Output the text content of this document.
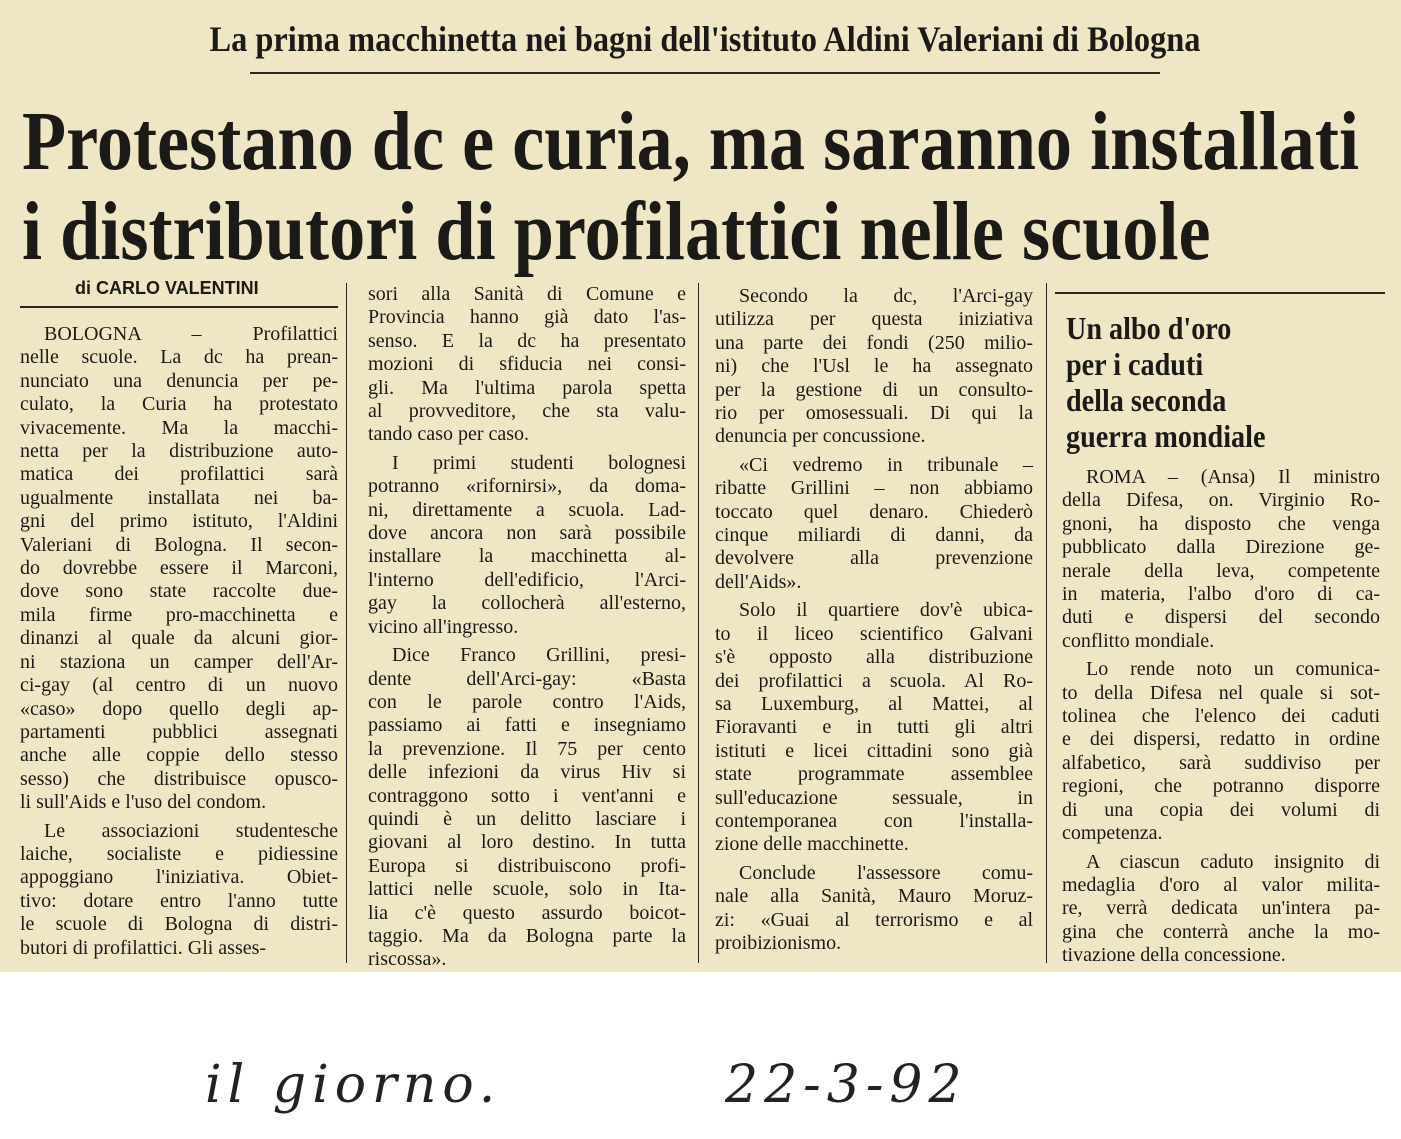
La prima macchinetta nei bagni dell'istituto Aldini Valeriani di Bologna
Protestano dc e curia, ma saranno installati
i distributori di profilattici nelle scuole
di CARLO VALENTINI
BOLOGNA – Profilattici
nelle scuole. La dc ha prean-
nunciato una denuncia per pe-
culato, la Curia ha protestato
vivacemente. Ma la macchi-
netta per la distribuzione auto-
matica dei profilattici sarà
ugualmente installata nei ba-
gni del primo istituto, l'Aldini
Valeriani di Bologna. Il secon-
do dovrebbe essere il Marconi,
dove sono state raccolte due-
mila firme pro-macchinetta e
dinanzi al quale da alcuni gior-
ni staziona un camper dell'Ar-
ci-gay (al centro di un nuovo
«caso» dopo quello degli ap-
partamenti pubblici assegnati
anche alle coppie dello stesso
sesso) che distribuisce opusco-
li sull'Aids e l'uso del condom.
Le associazioni studentesche
laiche, socialiste e pidiessine
appoggiano l'iniziativa. Obiet-
tivo: dotare entro l'anno tutte
le scuole di Bologna di distri-
butori di profilattici. Gli asses-
sori alla Sanità di Comune e
Provincia hanno già dato l'as-
senso. E la dc ha presentato
mozioni di sfiducia nei consi-
gli. Ma l'ultima parola spetta
al provveditore, che sta valu-
tando caso per caso.
I primi studenti bolognesi
potranno «rifornirsi», da doma-
ni, direttamente a scuola. Lad-
dove ancora non sarà possibile
installare la macchinetta al-
l'interno dell'edificio, l'Arci-
gay la collocherà all'esterno,
vicino all'ingresso.
Dice Franco Grillini, presi-
dente dell'Arci-gay: «Basta
con le parole contro l'Aids,
passiamo ai fatti e insegniamo
la prevenzione. Il 75 per cento
delle infezioni da virus Hiv si
contraggono sotto i vent'anni e
quindi è un delitto lasciare i
giovani al loro destino. In tutta
Europa si distribuiscono profi-
lattici nelle scuole, solo in Ita-
lia c'è questo assurdo boicot-
taggio. Ma da Bologna parte la
riscossa».
Secondo la dc, l'Arci-gay
utilizza per questa iniziativa
una parte dei fondi (250 milio-
ni) che l'Usl le ha assegnato
per la gestione di un consulto-
rio per omosessuali. Di qui la
denuncia per concussione.
«Ci vedremo in tribunale –
ribatte Grillini – non abbiamo
toccato quel denaro. Chiederò
cinque miliardi di danni, da
devolvere alla prevenzione
dell'Aids».
Solo il quartiere dov'è ubica-
to il liceo scientifico Galvani
s'è opposto alla distribuzione
dei profilattici a scuola. Al Ro-
sa Luxemburg, al Mattei, al
Fioravanti e in tutti gli altri
istituti e licei cittadini sono già
state programmate assemblee
sull'educazione sessuale, in
contemporanea con l'installa-
zione delle macchinette.
Conclude l'assessore comu-
nale alla Sanità, Mauro Moruz-
zi: «Guai al terrorismo e al
proibizionismo.
Un albo d'oro
per i caduti
della seconda
guerra mondiale
ROMA – (Ansa) Il ministro
della Difesa, on. Virginio Ro-
gnoni, ha disposto che venga
pubblicato dalla Direzione ge-
nerale della leva, competente
in materia, l'albo d'oro di ca-
duti e dispersi del secondo
conflitto mondiale.
Lo rende noto un comunica-
to della Difesa nel quale si sot-
tolinea che l'elenco dei caduti
e dei dispersi, redatto in ordine
alfabetico, sarà suddiviso per
regioni, che potranno disporre
di una copia dei volumi di
competenza.
A ciascun caduto insignito di
medaglia d'oro al valor milita-
re, verrà dedicata un'intera pa-
gina che conterrà anche la mo-
tivazione della concessione.
il giorno.	22-3-92
